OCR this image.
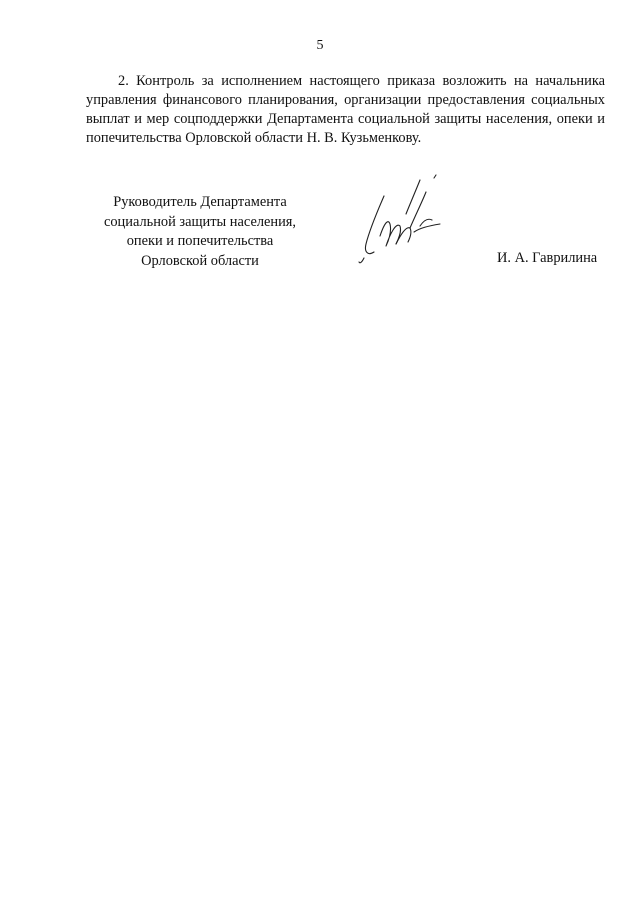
5

2. Контроль за исполнением настоящего приказа возложить на начальника управления финансового планирования, организации предоставления социальных выплат и мер соцподдержки Департамента социальной защиты населения, опеки и попечительства Орловской области Н. В. Кузьменкову.

Руководитель Департамента
социальной защиты населения,
опеки и попечительства
Орловской области	И. А. Гаврилина
